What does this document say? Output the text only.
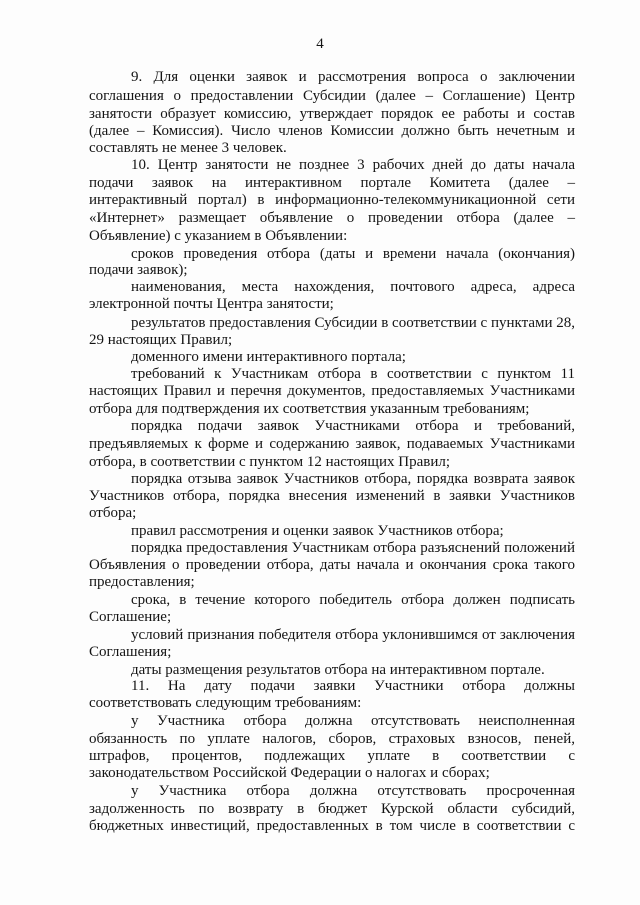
4
9. Для оценки заявок и рассмотрения вопроса о заключении
соглашения о предоставлении Субсидии (далее – Соглашение) Центр
занятости образует комиссию, утверждает порядок ее работы и состав
(далее – Комиссия). Число членов Комиссии должно быть нечетным и
составлять не менее 3 человек.
10. Центр занятости не позднее 3 рабочих дней до даты начала
подачи заявок на интерактивном портале Комитета (далее –
интерактивный портал) в информационно-телекоммуникационной сети
«Интернет» размещает объявление о проведении отбора (далее –
Объявление) с указанием в Объявлении:
сроков проведения отбора (даты и времени начала (окончания)
подачи заявок);
наименования, места нахождения, почтового адреса, адреса
электронной почты Центра занятости;
результатов предоставления Субсидии в соответствии с пунктами 28,
29 настоящих Правил;
доменного имени интерактивного портала;
требований к Участникам отбора в соответствии с пунктом 11
настоящих Правил и перечня документов, предоставляемых Участниками
отбора для подтверждения их соответствия указанным требованиям;
порядка подачи заявок Участниками отбора и требований,
предъявляемых к форме и содержанию заявок, подаваемых Участниками
отбора, в соответствии с пунктом 12 настоящих Правил;
порядка отзыва заявок Участников отбора, порядка возврата заявок
Участников отбора, порядка внесения изменений в заявки Участников
отбора;
правил рассмотрения и оценки заявок Участников отбора;
порядка предоставления Участникам отбора разъяснений положений
Объявления о проведении отбора, даты начала и окончания срока такого
предоставления;
срока, в течение которого победитель отбора должен подписать
Соглашение;
условий признания победителя отбора уклонившимся от заключения
Соглашения;
даты размещения результатов отбора на интерактивном портале.
11. На дату подачи заявки Участники отбора должны
соответствовать следующим требованиям:
у Участника отбора должна отсутствовать неисполненная
обязанность по уплате налогов, сборов, страховых взносов, пеней,
штрафов, процентов, подлежащих уплате в соответствии с
законодательством Российской Федерации о налогах и сборах;
у Участника отбора должна отсутствовать просроченная
задолженность по возврату в бюджет Курской области субсидий,
бюджетных инвестиций, предоставленных в том числе в соответствии с
